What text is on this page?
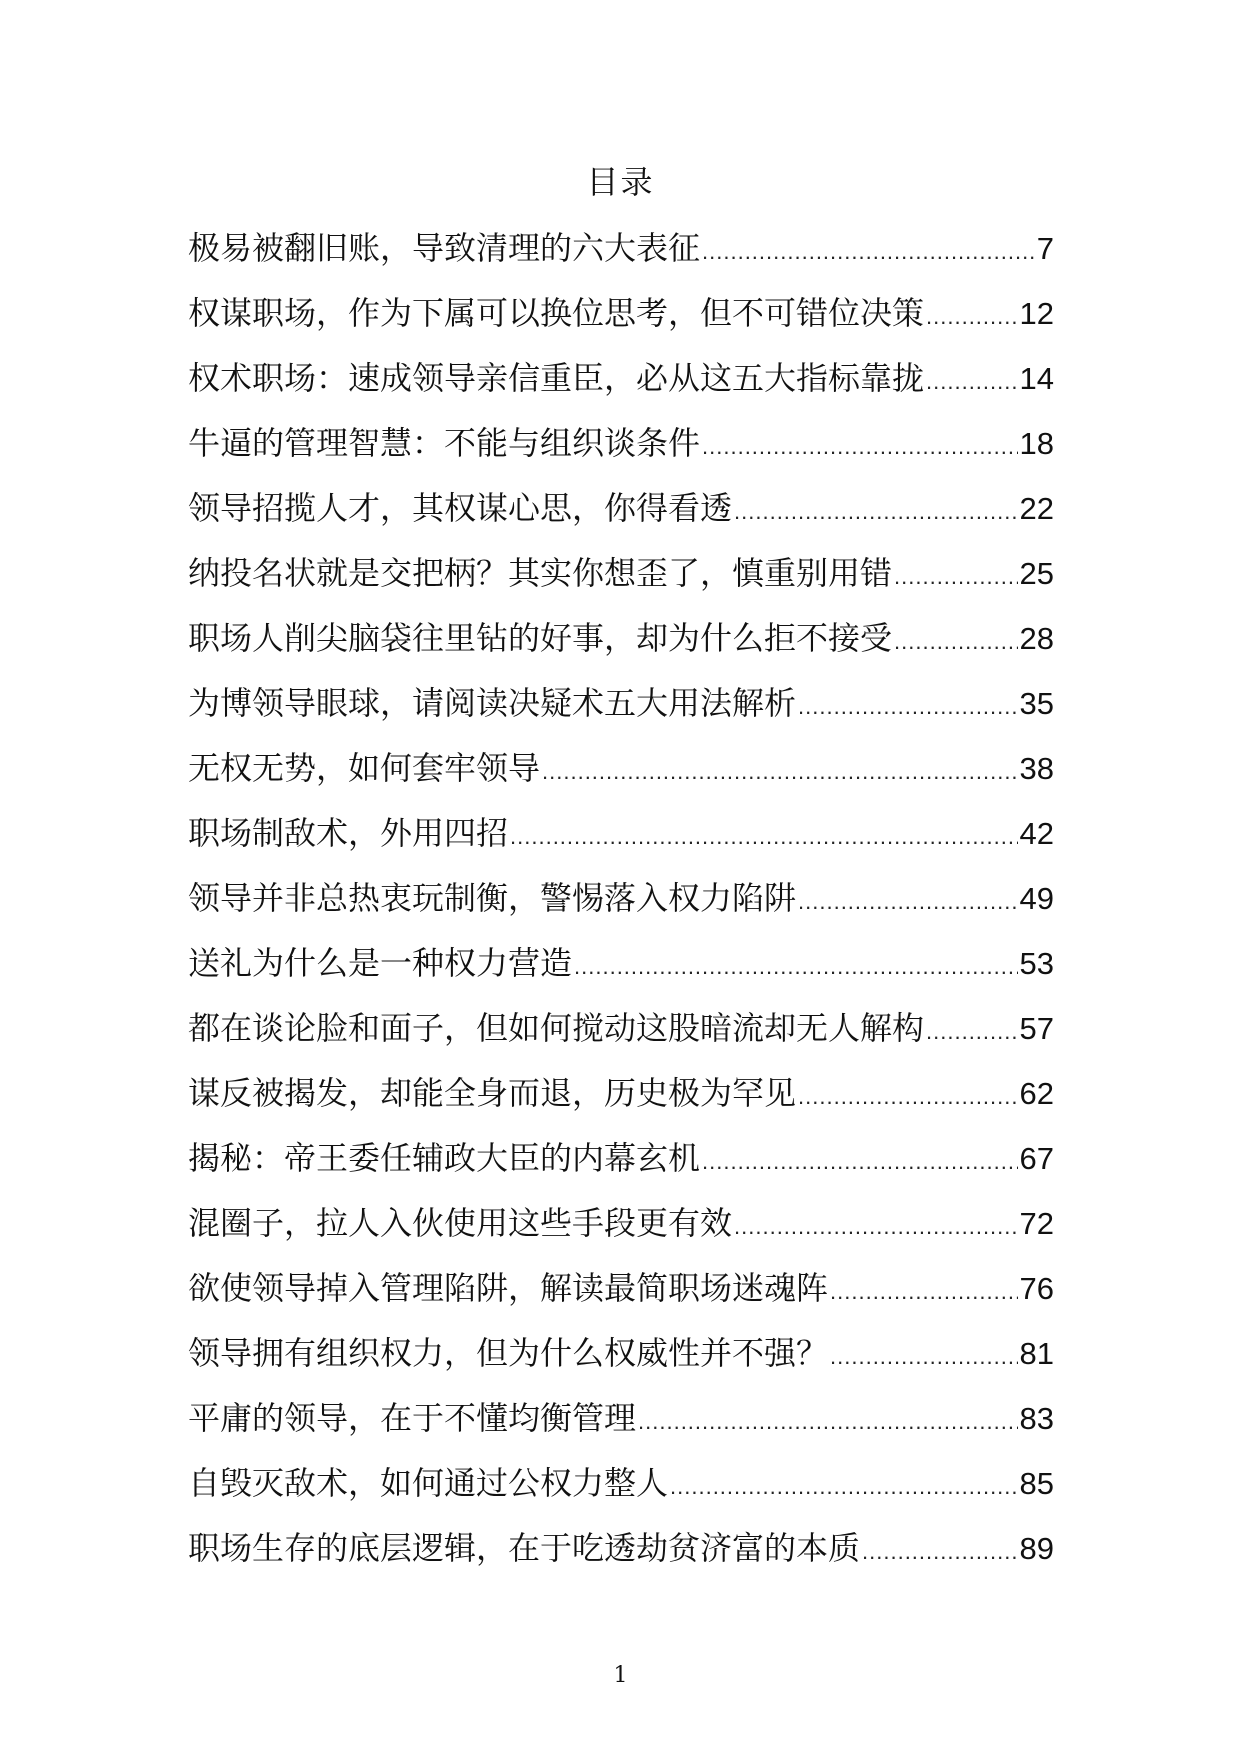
目录
极易被翻旧账，导致清理的六大表征 .....	7
权谋职场，作为下属可以换位思考，但不可错位决策 .....	12
权术职场：速成领导亲信重臣，必从这五大指标靠拢 .....	14
牛逼的管理智慧：不能与组织谈条件 .....	18
领导招揽人才，其权谋心思，你得看透 .....	22
纳投名状就是交把柄？其实你想歪了，慎重别用错 .....	25
职场人削尖脑袋往里钻的好事，却为什么拒不接受 .....	28
为博领导眼球，请阅读决疑术五大用法解析 .....	35
无权无势，如何套牢领导 .....	38
职场制敌术，外用四招 .....	42
领导并非总热衷玩制衡，警惕落入权力陷阱 .....	49
送礼为什么是一种权力营造 .....	53
都在谈论脸和面子，但如何搅动这股暗流却无人解构 .....	57
谋反被揭发，却能全身而退，历史极为罕见 .....	62
揭秘：帝王委任辅政大臣的内幕玄机 .....	67
混圈子，拉人入伙使用这些手段更有效 .....	72
欲使领导掉入管理陷阱，解读最简职场迷魂阵 .....	76
领导拥有组织权力，但为什么权威性并不强？ .....	81
平庸的领导，在于不懂均衡管理 .....	83
自毁灭敌术，如何通过公权力整人 .....	85
职场生存的底层逻辑，在于吃透劫贫济富的本质 .....	89
1
